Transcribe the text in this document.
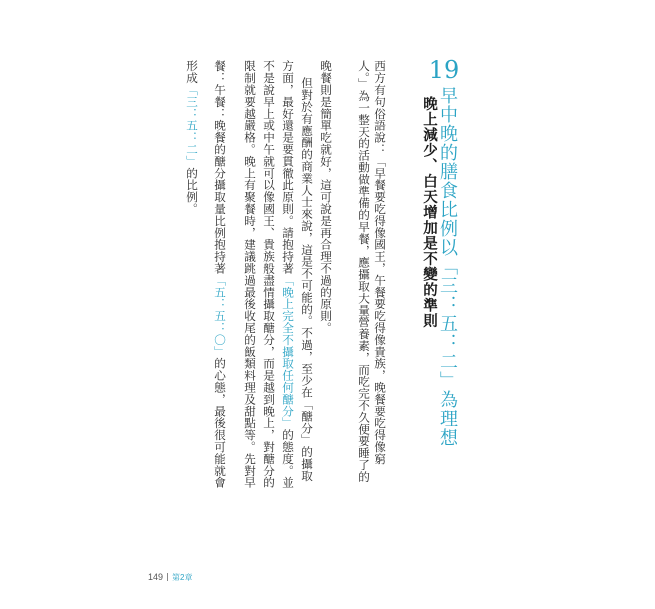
19
早中晚的膳食比例以「三：五：二」為理想
晚上減少、白天增加是不變的準則
西方有句俗語說：「早餐要吃得像國王，午餐要吃得像貴族，晚餐要吃得像窮
人。」為一整天的活動做準備的早餐，應攝取大量營養素，而吃完不久便要睡了的
晚餐則是簡單吃就好，這可說是再合理不過的原則。
但對於有應酬的商業人士來說，這是不可能的。不過，至少在「醣分」的攝取
方面，最好還是要貫徹此原則。請抱持著「晚上完全不攝取任何醣分」的態度。並
不是說早上或中午就可以像國王、貴族般盡情攝取醣分，而是越到晚上，對醣分的
限制就要越嚴格。晚上有聚餐時，建議跳過最後收尾的飯類料理及甜點等。先對早
餐：午餐：晚餐的醣分攝取量比例抱持著「五：五：〇」的心態，最後很可能就會
形成「三：五：二」的比例。
149 第2章
